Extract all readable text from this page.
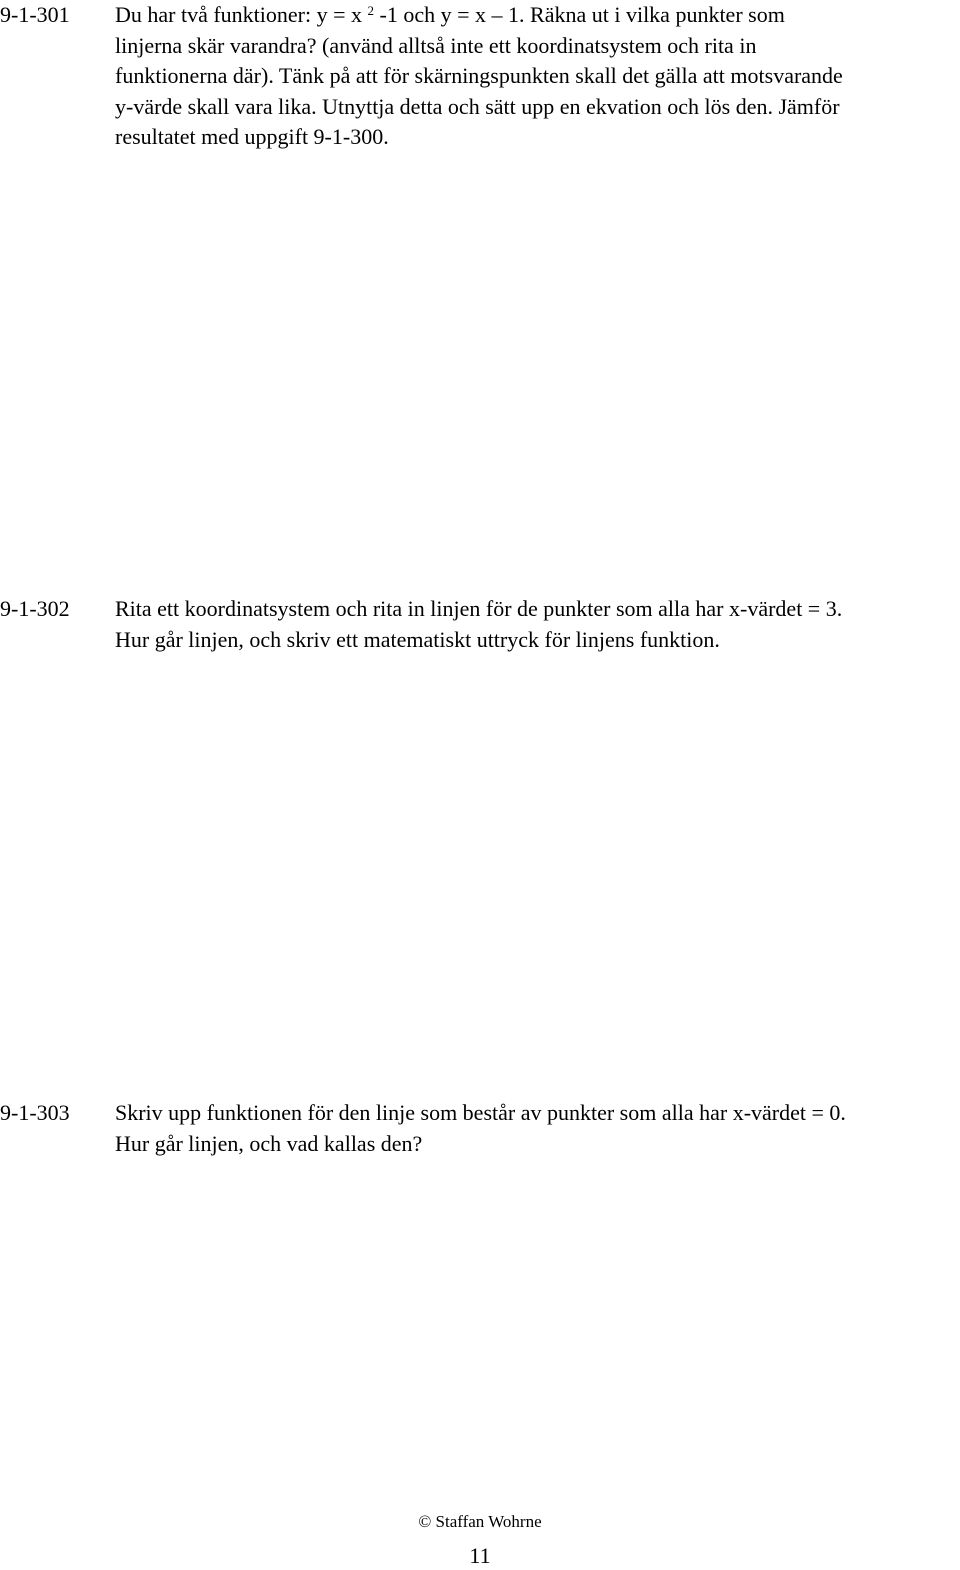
9-1-301 Du har två funktioner: y = x $^2$ -1 och y = x – 1. Räkna ut i vilka punkter som
linjerna skär varandra? (använd alltså inte ett koordinatsystem och rita in
funktionerna där). Tänk på att för skärningspunkten skall det gälla att motsvarande
y-värde skall vara lika. Utnyttja detta och sätt upp en ekvation och lös den. Jämför
resultatet med uppgift 9-1-300.
9-1-302 Rita ett koordinatsystem och rita in linjen för de punkter som alla har x-värdet = 3.
Hur går linjen, och skriv ett matematiskt uttryck för linjens funktion.
9-1-303 Skriv upp funktionen för den linje som består av punkter som alla har x-värdet = 0.
Hur går linjen, och vad kallas den?
© Staffan Wohrne
11
